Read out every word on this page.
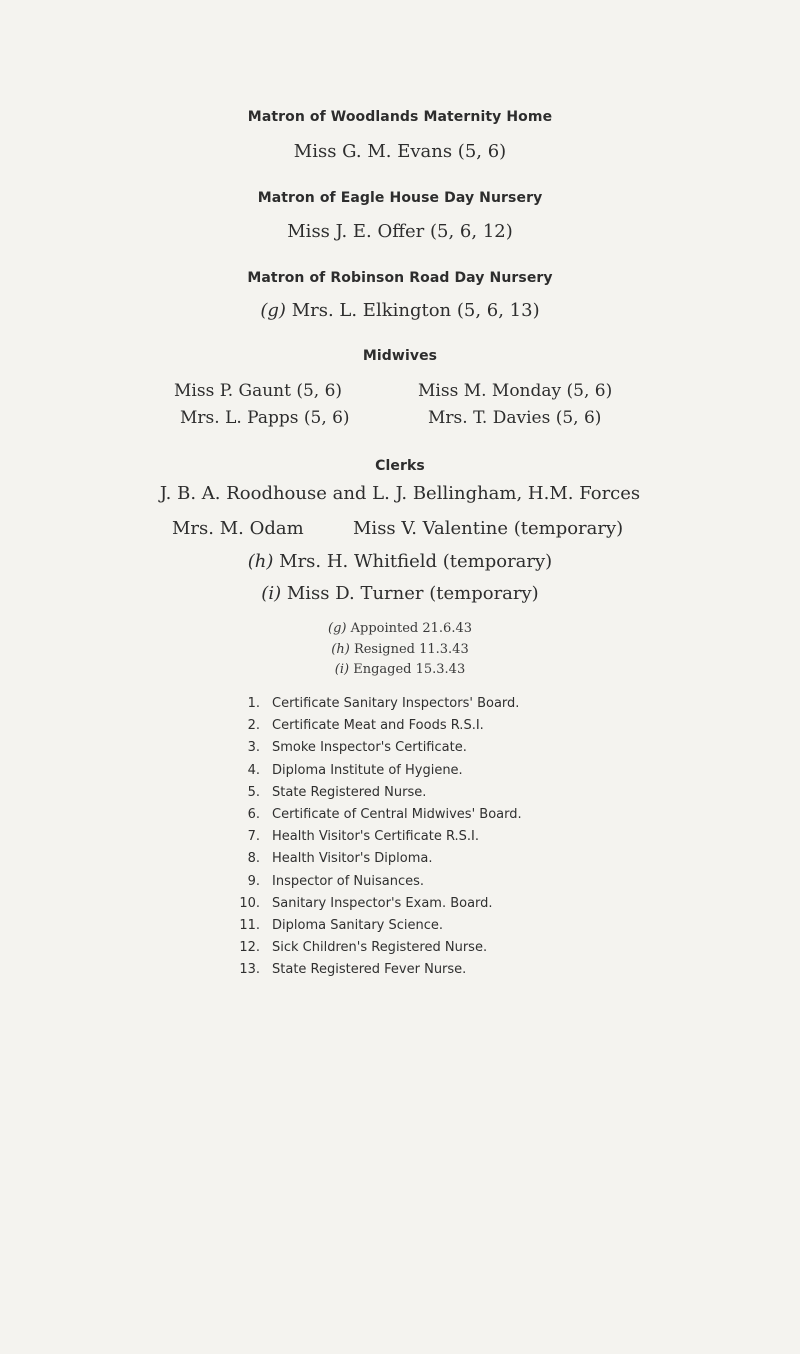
Matron of Woodlands Maternity Home
Miss G. M. Evans (5, 6)
Matron of Eagle House Day Nursery
Miss J. E. Offer (5, 6, 12)
Matron of Robinson Road Day Nursery
(g) Mrs. L. Elkington (5, 6, 13)
Midwives
Miss P. Gaunt (5, 6)	Miss M. Monday (5, 6)
Mrs. L. Papps (5, 6)	Mrs. T. Davies (5, 6)
Clerks
J. B. A. Roodhouse and L. J. Bellingham, H.M. Forces
Mrs. M. Odam	Miss V. Valentine (temporary)
(h) Mrs. H. Whitfield (temporary)
(i) Miss D. Turner (temporary)
(g) Appointed 21.6.43
(h) Resigned 11.3.43
(i) Engaged 15.3.43
1. Certificate Sanitary Inspectors' Board.
2. Certificate Meat and Foods R.S.I.
3. Smoke Inspector's Certificate.
4. Diploma Institute of Hygiene.
5. State Registered Nurse.
6. Certificate of Central Midwives' Board.
7. Health Visitor's Certificate R.S.I.
8. Health Visitor's Diploma.
9. Inspector of Nuisances.
10. Sanitary Inspector's Exam. Board.
11. Diploma Sanitary Science.
12. Sick Children's Registered Nurse.
13. State Registered Fever Nurse.
